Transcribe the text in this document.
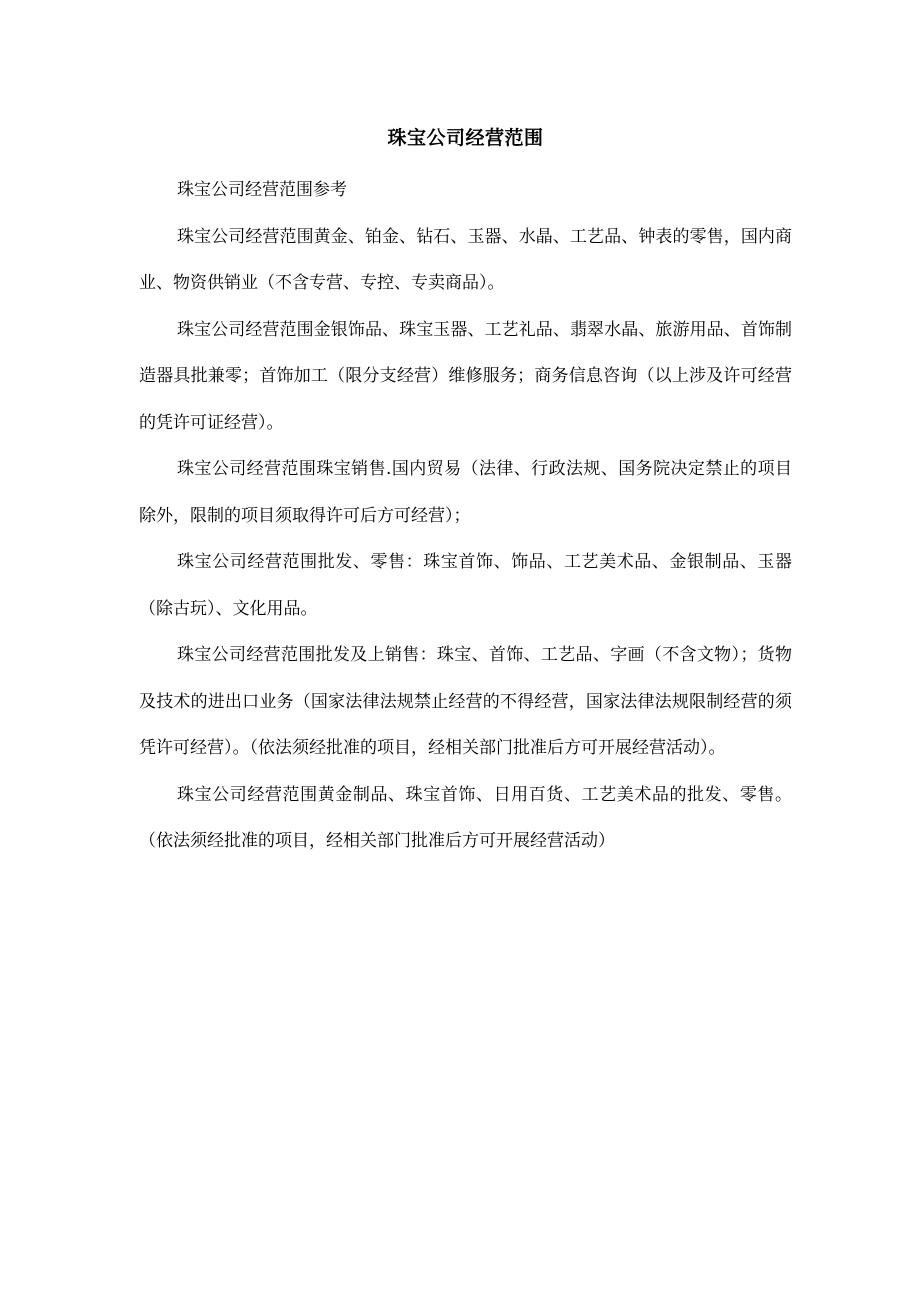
珠宝公司经营范围

珠宝公司经营范围参考

珠宝公司经营范围黄金、铂金、钻石、玉器、水晶、工艺品、钟表的零售，国内商业、物资供销业（不含专营、专控、专卖商品）。

珠宝公司经营范围金银饰品、珠宝玉器、工艺礼品、翡翠水晶、旅游用品、首饰制造器具批兼零；首饰加工（限分支经营）维修服务；商务信息咨询（以上涉及许可经营的凭许可证经营）。

珠宝公司经营范围珠宝销售.国内贸易（法律、行政法规、国务院决定禁止的项目除外，限制的项目须取得许可后方可经营）；

珠宝公司经营范围批发、零售：珠宝首饰、饰品、工艺美术品、金银制品、玉器（除古玩）、文化用品。

珠宝公司经营范围批发及上销售：珠宝、首饰、工艺品、字画（不含文物）；货物及技术的进出口业务（国家法律法规禁止经营的不得经营，国家法律法规限制经营的须凭许可经营）。（依法须经批准的项目，经相关部门批准后方可开展经营活动）。

珠宝公司经营范围黄金制品、珠宝首饰、日用百货、工艺美术品的批发、零售。（依法须经批准的项目，经相关部门批准后方可开展经营活动）
